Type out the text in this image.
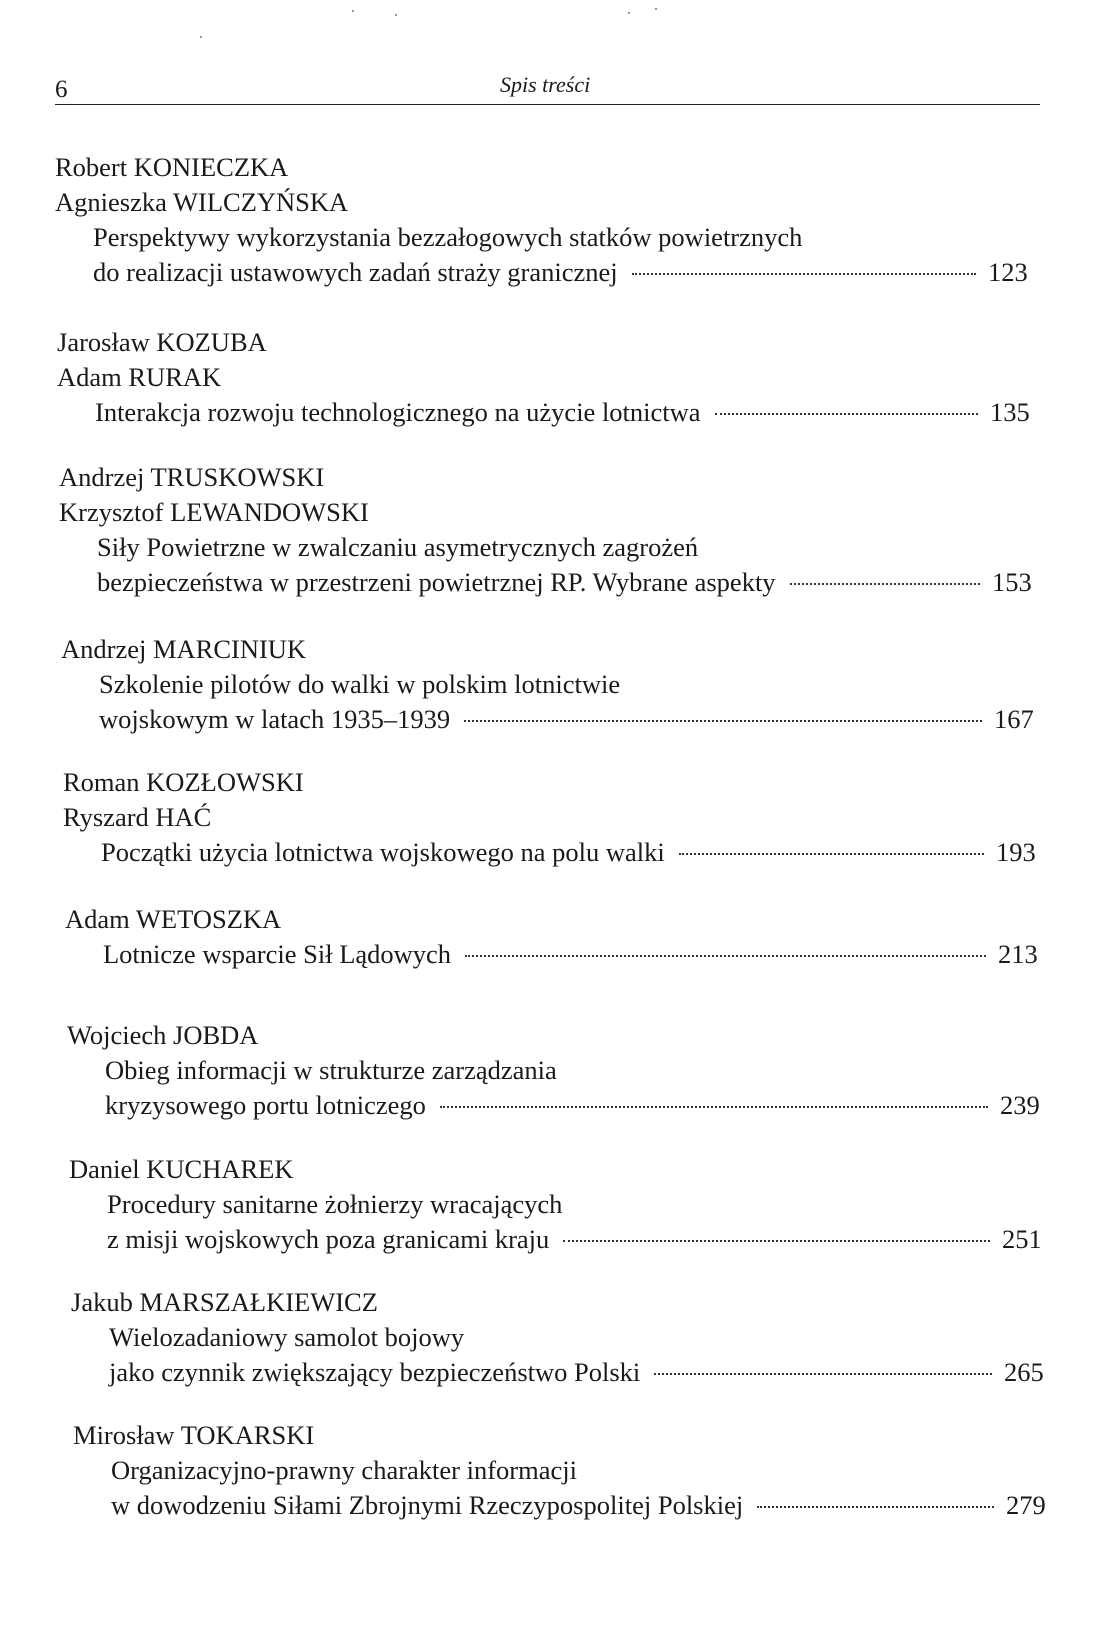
6	Spis treści
Robert KONIECZKA
Agnieszka WILCZYŃSKA
Perspektywy wykorzystania bezzałogowych statków powietrznych
do realizacji ustawowych zadań straży granicznej	123
Jarosław KOZUBA
Adam RURAK
Interakcja rozwoju technologicznego na użycie lotnictwa	135
Andrzej TRUSKOWSKI
Krzysztof LEWANDOWSKI
Siły Powietrzne w zwalczaniu asymetrycznych zagrożeń
bezpieczeństwa w przestrzeni powietrznej RP. Wybrane aspekty	153
Andrzej MARCINIUK
Szkolenie pilotów do walki w polskim lotnictwie
wojskowym w latach 1935–1939	167
Roman KOZŁOWSKI
Ryszard HAĆ
Początki użycia lotnictwa wojskowego na polu walki	193
Adam WETOSZKA
Lotnicze wsparcie Sił Lądowych	213
Wojciech JOBDA
Obieg informacji w strukturze zarządzania
kryzysowego portu lotniczego	239
Daniel KUCHAREK
Procedury sanitarne żołnierzy wracających
z misji wojskowych poza granicami kraju	251
Jakub MARSZAŁKIEWICZ
Wielozadaniowy samolot bojowy
jako czynnik zwiększający bezpieczeństwo Polski	265
Mirosław TOKARSKI
Organizacyjno-prawny charakter informacji
w dowodzeniu Siłami Zbrojnymi Rzeczypospolitej Polskiej	279
